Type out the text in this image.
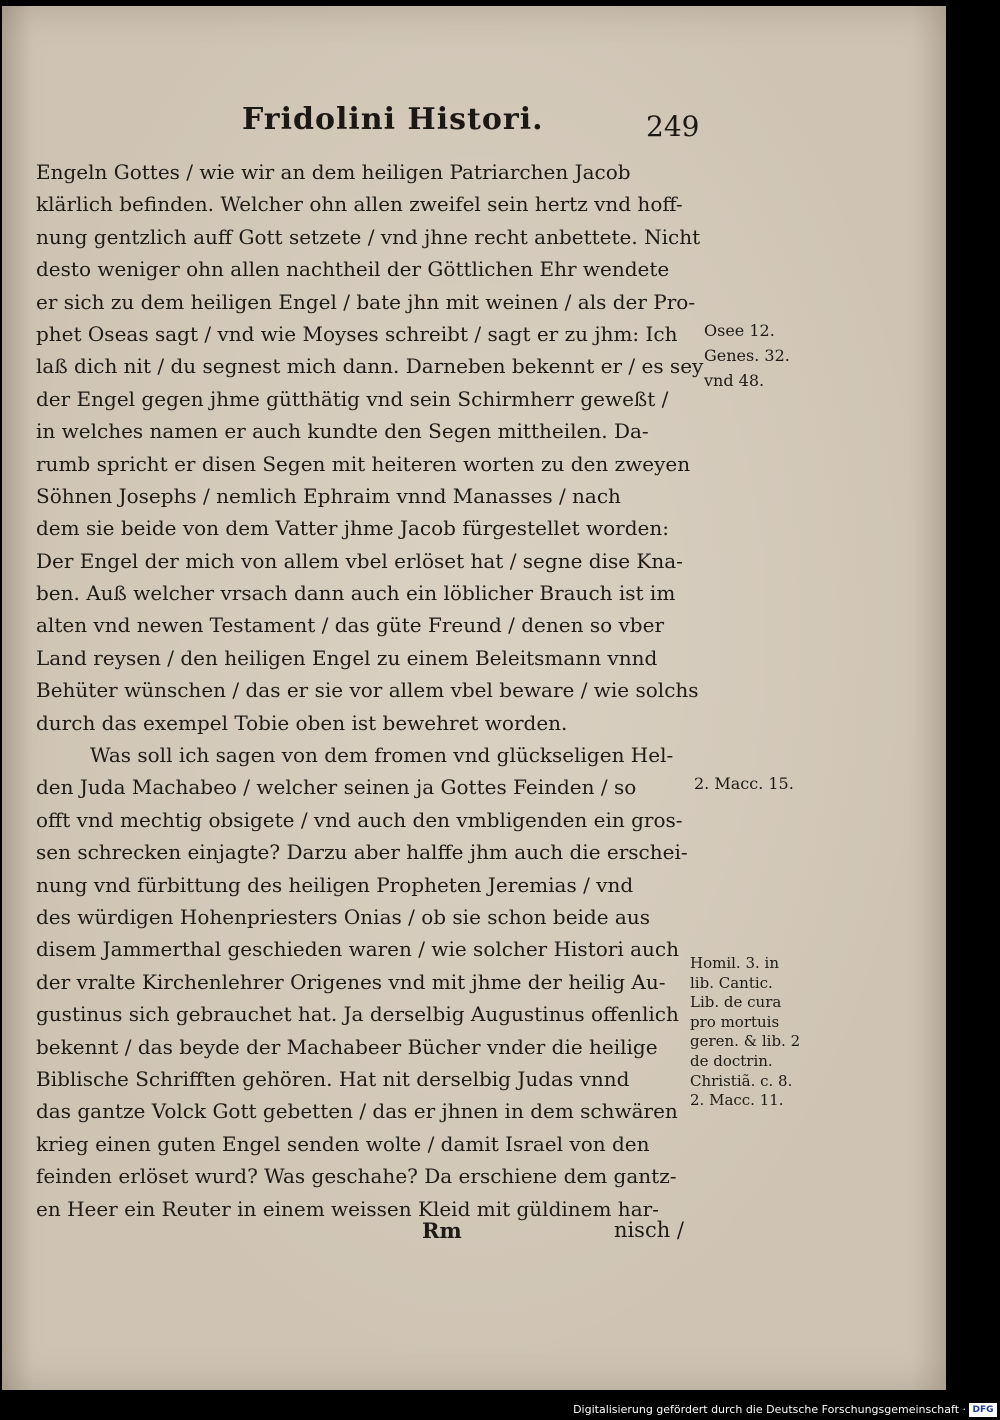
Fridolini Histori.	249
Engeln Gottes / wie wir an dem heiligen Patriarchen Jacob
klärlich befinden. Welcher ohn allen zweifel sein hertz vnd hoff-
nung gentzlich auff Gott setzete / vnd jhne recht anbettete. Nicht
desto weniger ohn allen nachtheil der Göttlichen Ehr wendete
er sich zu dem heiligen Engel / bate jhn mit weinen / als der Pro-
phet Oseas sagt / vnd wie Moyses schreibt / sagt er zu jhm: Ich
laß dich nit / du segnest mich dann. Darneben bekennt er / es sey
der Engel gegen jhme gütthätig vnd sein Schirmherr geweßt /
in welches namen er auch kundte den Segen mittheilen. Da-
rumb spricht er disen Segen mit heiteren worten zu den zweyen
Söhnen Josephs / nemlich Ephraim vnnd Manasses / nach
dem sie beide von dem Vatter jhme Jacob fürgestellet worden:
Der Engel der mich von allem vbel erlöset hat / segne dise Kna-
ben. Auß welcher vrsach dann auch ein löblicher Brauch ist im
alten vnd newen Testament / das güte Freund / denen so vber
Land reysen / den heiligen Engel zu einem Beleitsmann vnnd
Behüter wünschen / das er sie vor allem vbel beware / wie solchs
durch das exempel Tobie oben ist bewehret worden.
Was soll ich sagen von dem fromen vnd glückseligen Hel-
den Juda Machabeo / welcher seinen ja Gottes Feinden / so
offt vnd mechtig obsigete / vnd auch den vmbligenden ein gros-
sen schrecken einjagte? Darzu aber halffe jhm auch die erschei-
nung vnd fürbittung des heiligen Propheten Jeremias / vnd
des würdigen Hohenpriesters Onias / ob sie schon beide aus
disem Jammerthal geschieden waren / wie solcher Histori auch
der vralte Kirchenlehrer Origenes vnd mit jhme der heilig Au-
gustinus sich gebrauchet hat. Ja derselbig Augustinus offenlich
bekennt / das beyde der Machabeer Bücher vnder die heilige
Biblische Schrifften gehören. Hat nit derselbig Judas vnnd
das gantze Volck Gott gebetten / das er jhnen in dem schwären
krieg einen guten Engel senden wolte / damit Israel von den
feinden erlöset wurd? Was geschahe? Da erschiene dem gantz-
en Heer ein Reuter in einem weissen Kleid mit güldinem har-
Osee 12.
Genes. 32.
vnd 48.
2. Macc. 15.
Homil. 3. in
lib. Cantic.
Lib. de cura
pro mortuis
geren. & lib. 2
de doctrin.
Christiã. c. 8.
2. Macc. 11.
Rm	nisch /
Digitalisierung gefördert durch die Deutsche Forschungsgemeinschaft · DFG
